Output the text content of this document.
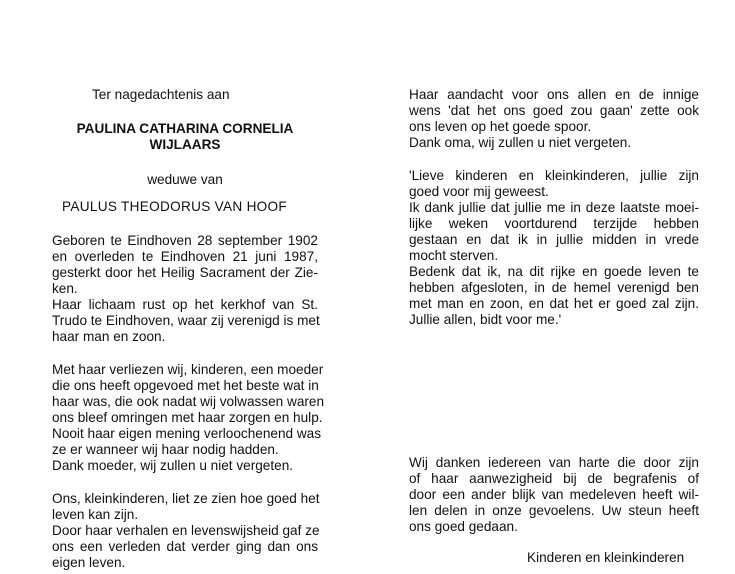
Ter nagedachtenis aan
PAULINA CATHARINA CORNELIA
WIJLAARS
weduwe van
PAULUS THEODORUS VAN HOOF
Geboren te Eindhoven 28 september 1902
en overleden te Eindhoven 21 juni 1987,
gesterkt door het Heilig Sacrament der Zie-
ken.
Haar lichaam rust op het kerkhof van St.
Trudo te Eindhoven, waar zij verenigd is met
haar man en zoon.
Met haar verliezen wij, kinderen, een moeder
die ons heeft opgevoed met het beste wat in
haar was, die ook nadat wij volwassen waren
ons bleef omringen met haar zorgen en hulp.
Nooit haar eigen mening verloochenend was
ze er wanneer wij haar nodig hadden.
Dank moeder, wij zullen u niet vergeten.
Ons, kleinkinderen, liet ze zien hoe goed het
leven kan zijn.
Door haar verhalen en levenswijsheid gaf ze
ons een verleden dat verder ging dan ons
eigen leven.
Haar aandacht voor ons allen en de innige
wens 'dat het ons goed zou gaan' zette ook
ons leven op het goede spoor.
Dank oma, wij zullen u niet vergeten.
'Lieve kinderen en kleinkinderen, jullie zijn
goed voor mij geweest.
Ik dank jullie dat jullie me in deze laatste moei-
lijke weken voortdurend terzijde hebben
gestaan en dat ik in jullie midden in vrede
mocht sterven.
Bedenk dat ik, na dit rijke en goede leven te
hebben afgesloten, in de hemel verenigd ben
met man en zoon, en dat het er goed zal zijn.
Jullie allen, bidt voor me.'
Wij danken iedereen van harte die door zijn
of haar aanwezigheid bij de begrafenis of
door een ander blijk van medeleven heeft wil-
len delen in onze gevoelens. Uw steun heeft
ons goed gedaan.
Kinderen en kleinkinderen
